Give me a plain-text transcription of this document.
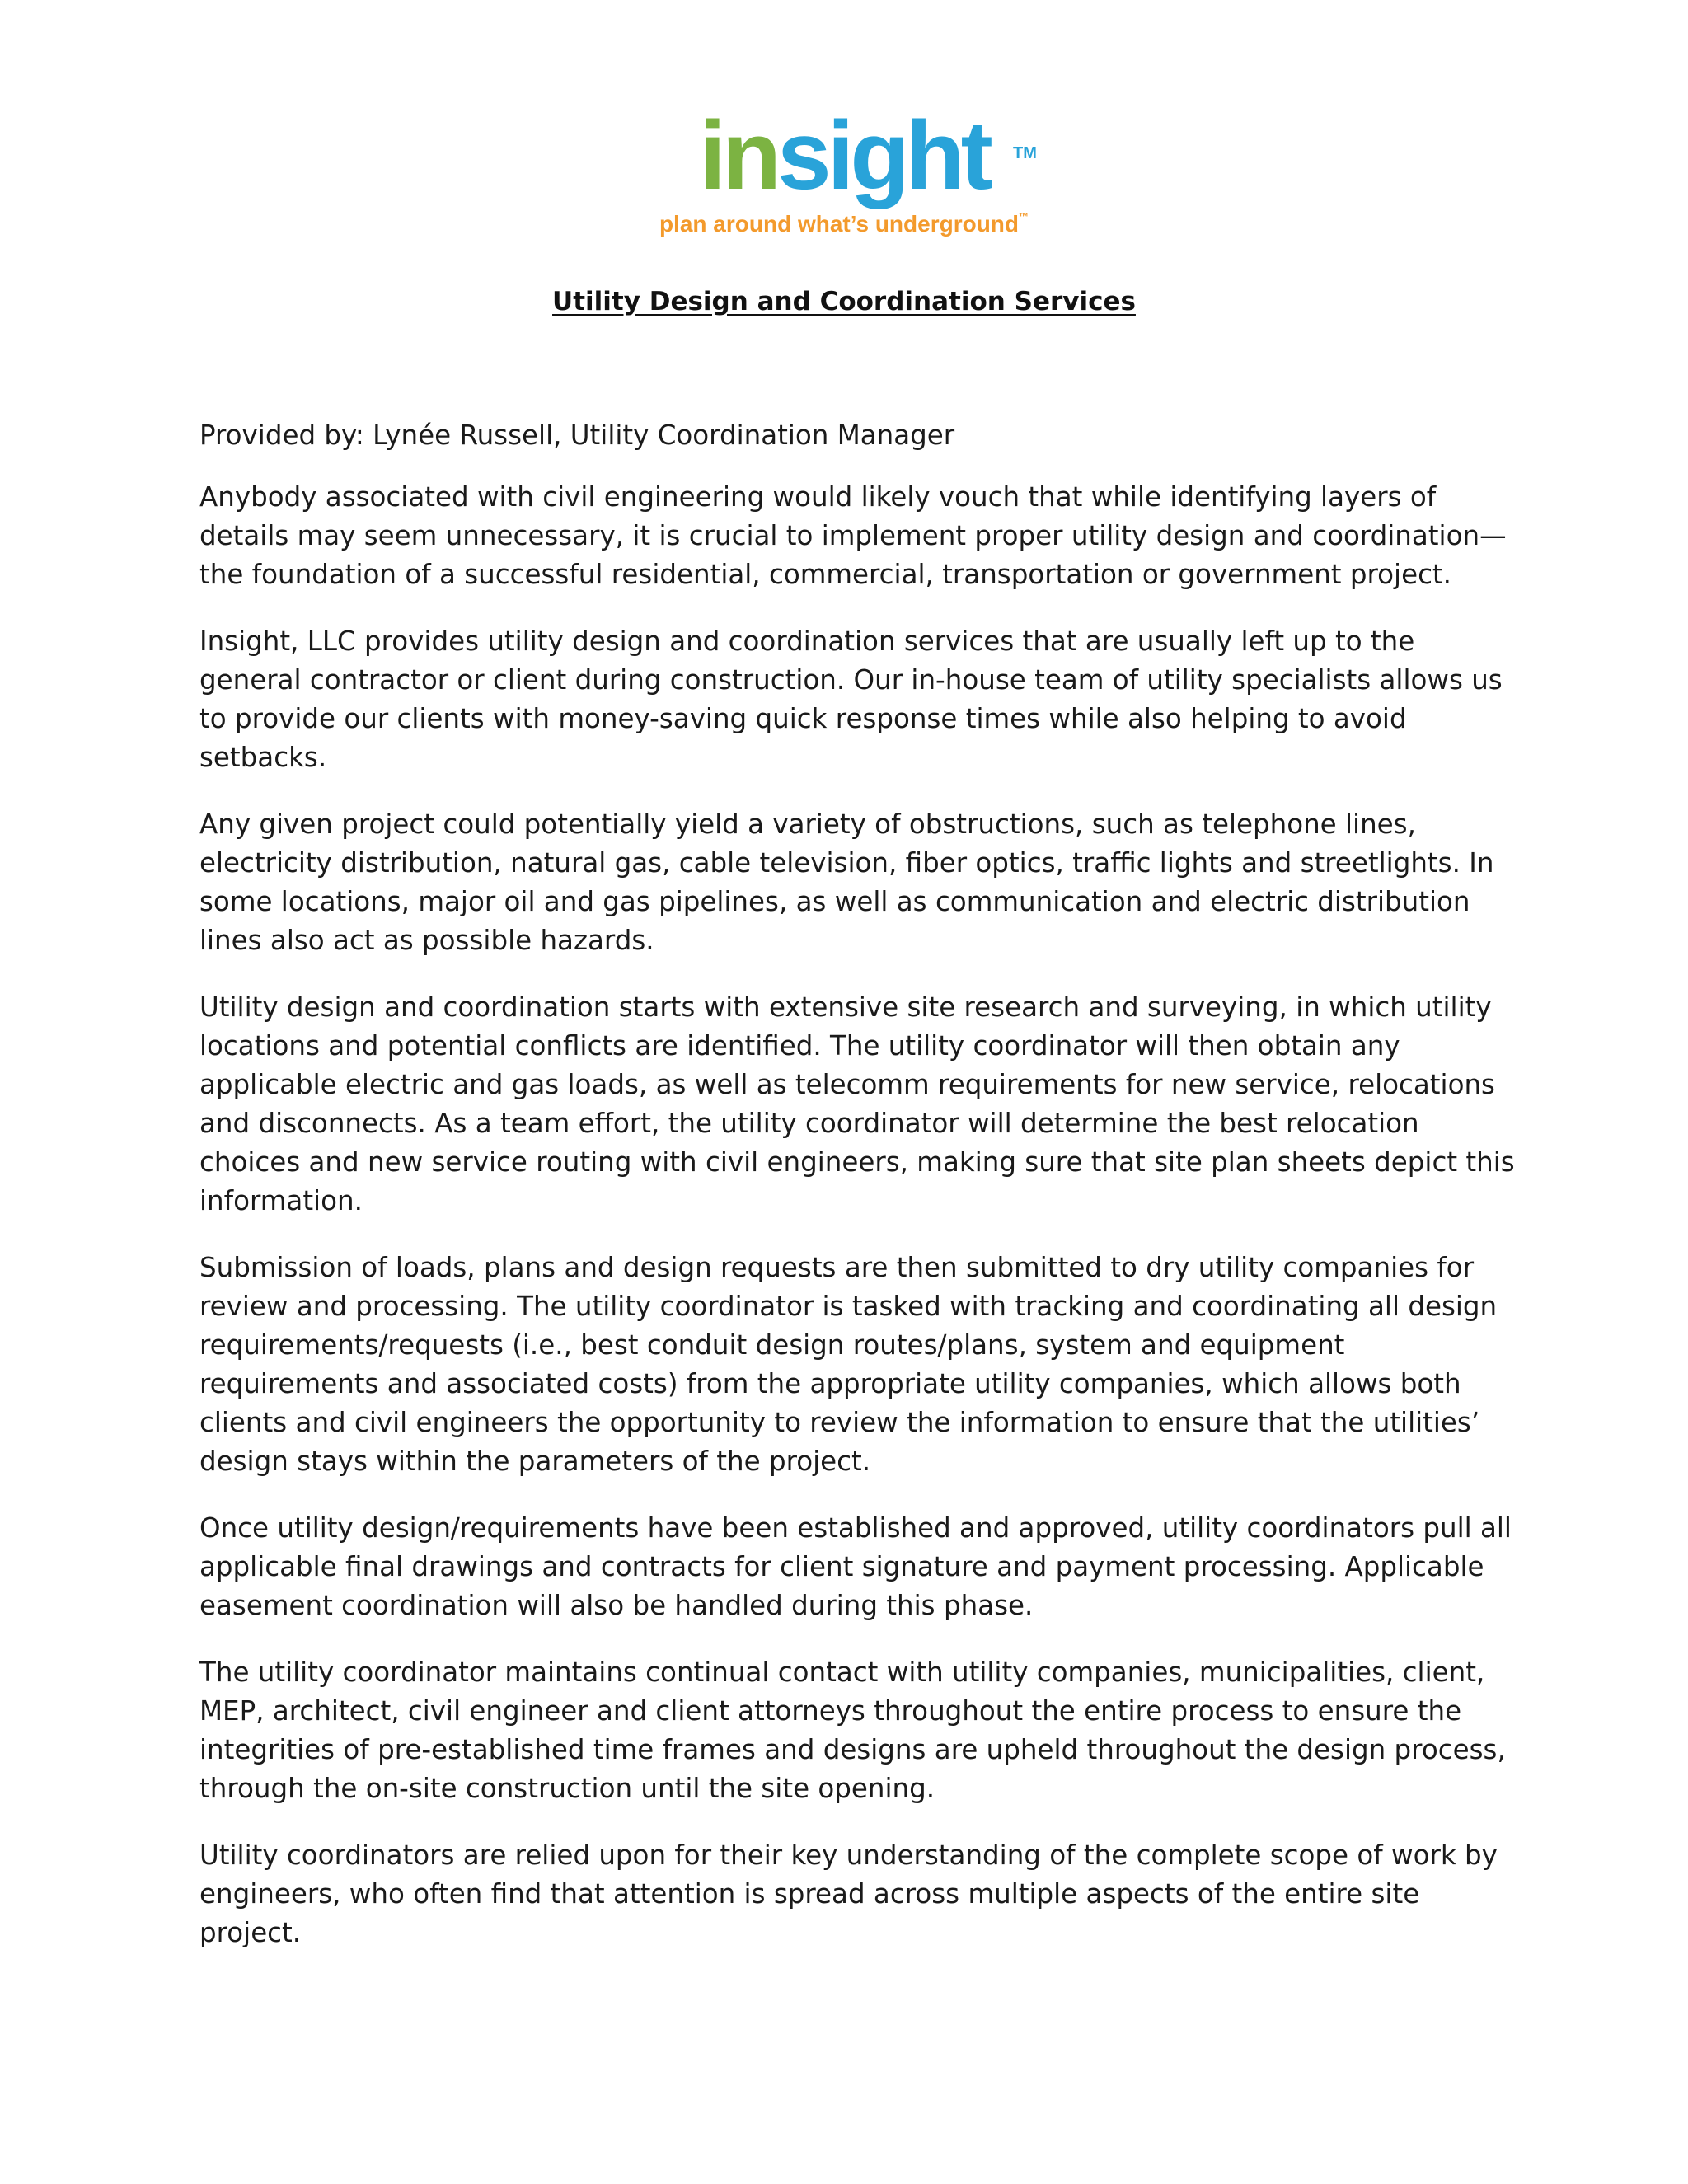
insight TM
plan around what’s underground™
Utility Design and Coordination Services

Provided by: Lynée Russell, Utility Coordination Manager

Anybody associated with civil engineering would likely vouch that while identifying layers of details may seem unnecessary, it is crucial to implement proper utility design and coordination—the foundation of a successful residential, commercial, transportation or government project.

Insight, LLC provides utility design and coordination services that are usually left up to the general contractor or client during construction. Our in-house team of utility specialists allows us to provide our clients with money-saving quick response times while also helping to avoid setbacks.

Any given project could potentially yield a variety of obstructions, such as telephone lines, electricity distribution, natural gas, cable television, fiber optics, traffic lights and streetlights. In some locations, major oil and gas pipelines, as well as communication and electric distribution lines also act as possible hazards.

Utility design and coordination starts with extensive site research and surveying, in which utility locations and potential conflicts are identified. The utility coordinator will then obtain any applicable electric and gas loads, as well as telecomm requirements for new service, relocations and disconnects. As a team effort, the utility coordinator will determine the best relocation choices and new service routing with civil engineers, making sure that site plan sheets depict this information.

Submission of loads, plans and design requests are then submitted to dry utility companies for review and processing. The utility coordinator is tasked with tracking and coordinating all design requirements/requests (i.e., best conduit design routes/plans, system and equipment requirements and associated costs) from the appropriate utility companies, which allows both clients and civil engineers the opportunity to review the information to ensure that the utilities’ design stays within the parameters of the project.

Once utility design/requirements have been established and approved, utility coordinators pull all applicable final drawings and contracts for client signature and payment processing. Applicable easement coordination will also be handled during this phase.

The utility coordinator maintains continual contact with utility companies, municipalities, client, MEP, architect, civil engineer and client attorneys throughout the entire process to ensure the integrities of pre-established time frames and designs are upheld throughout the design process, through the on-site construction until the site opening.

Utility coordinators are relied upon for their key understanding of the complete scope of work by engineers, who often find that attention is spread across multiple aspects of the entire site project.
